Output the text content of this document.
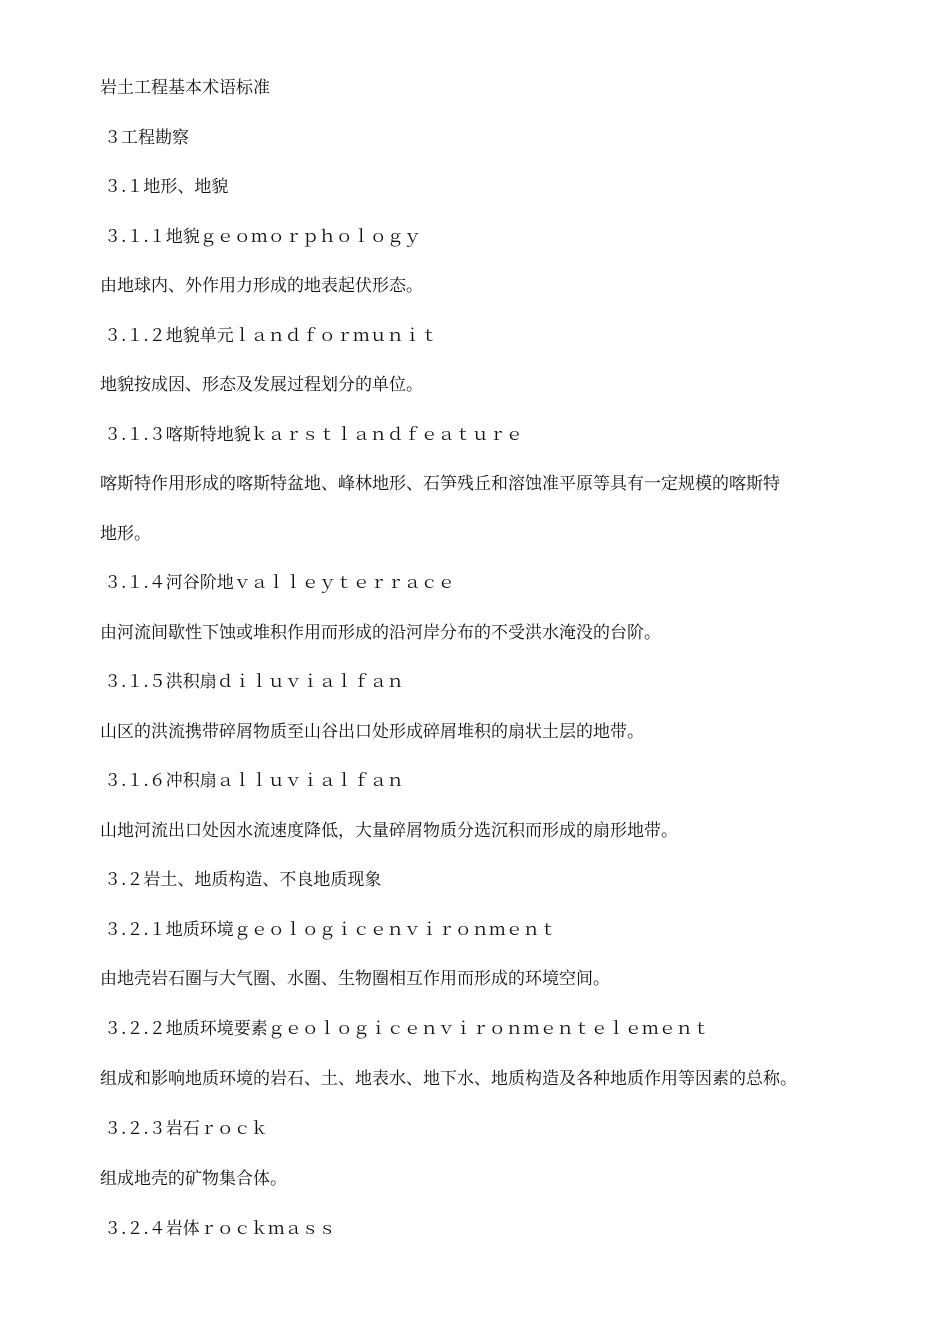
岩土工程基本术语标准
３工程勘察
３.１地形、地貌
３.１.１地貌ｇｅｏｍｏｒｐｈｏｌｏｇｙ
由地球内、外作用力形成的地表起伏形态。
３.１.２地貌单元ｌａｎｄｆｏｒｍｕｎｉｔ
地貌按成因、形态及发展过程划分的单位。
３.１.３喀斯特地貌ｋａｒｓｔｌａｎｄｆｅａｔｕｒｅ
喀斯特作用形成的喀斯特盆地、峰林地形、石笋残丘和溶蚀准平原等具有一定规模的喀斯特
地形。
３.１.４河谷阶地ｖａｌｌｅｙｔｅｒｒａｃｅ
由河流间歇性下蚀或堆积作用而形成的沿河岸分布的不受洪水淹没的台阶。
３.１.５洪积扇ｄｉｌｕｖｉａｌｆａｎ
山区的洪流携带碎屑物质至山谷出口处形成碎屑堆积的扇状土层的地带。
３.１.６冲积扇ａｌｌｕｖｉａｌｆａｎ
山地河流出口处因水流速度降低，大量碎屑物质分选沉积而形成的扇形地带。
３.２岩土、地质构造、不良地质现象
３.２.１地质环境ｇｅｏｌｏｇｉｃｅｎｖｉｒｏｎｍｅｎｔ
由地壳岩石圈与大气圈、水圈、生物圈相互作用而形成的环境空间。
３.２.２地质环境要素ｇｅｏｌｏｇｉｃｅｎｖｉｒｏｎｍｅｎｔｅｌｅｍｅｎｔ
组成和影响地质环境的岩石、土、地表水、地下水、地质构造及各种地质作用等因素的总称。
３.２.３岩石ｒｏｃｋ
组成地壳的矿物集合体。
３.２.４岩体ｒｏｃｋｍａｓｓ
